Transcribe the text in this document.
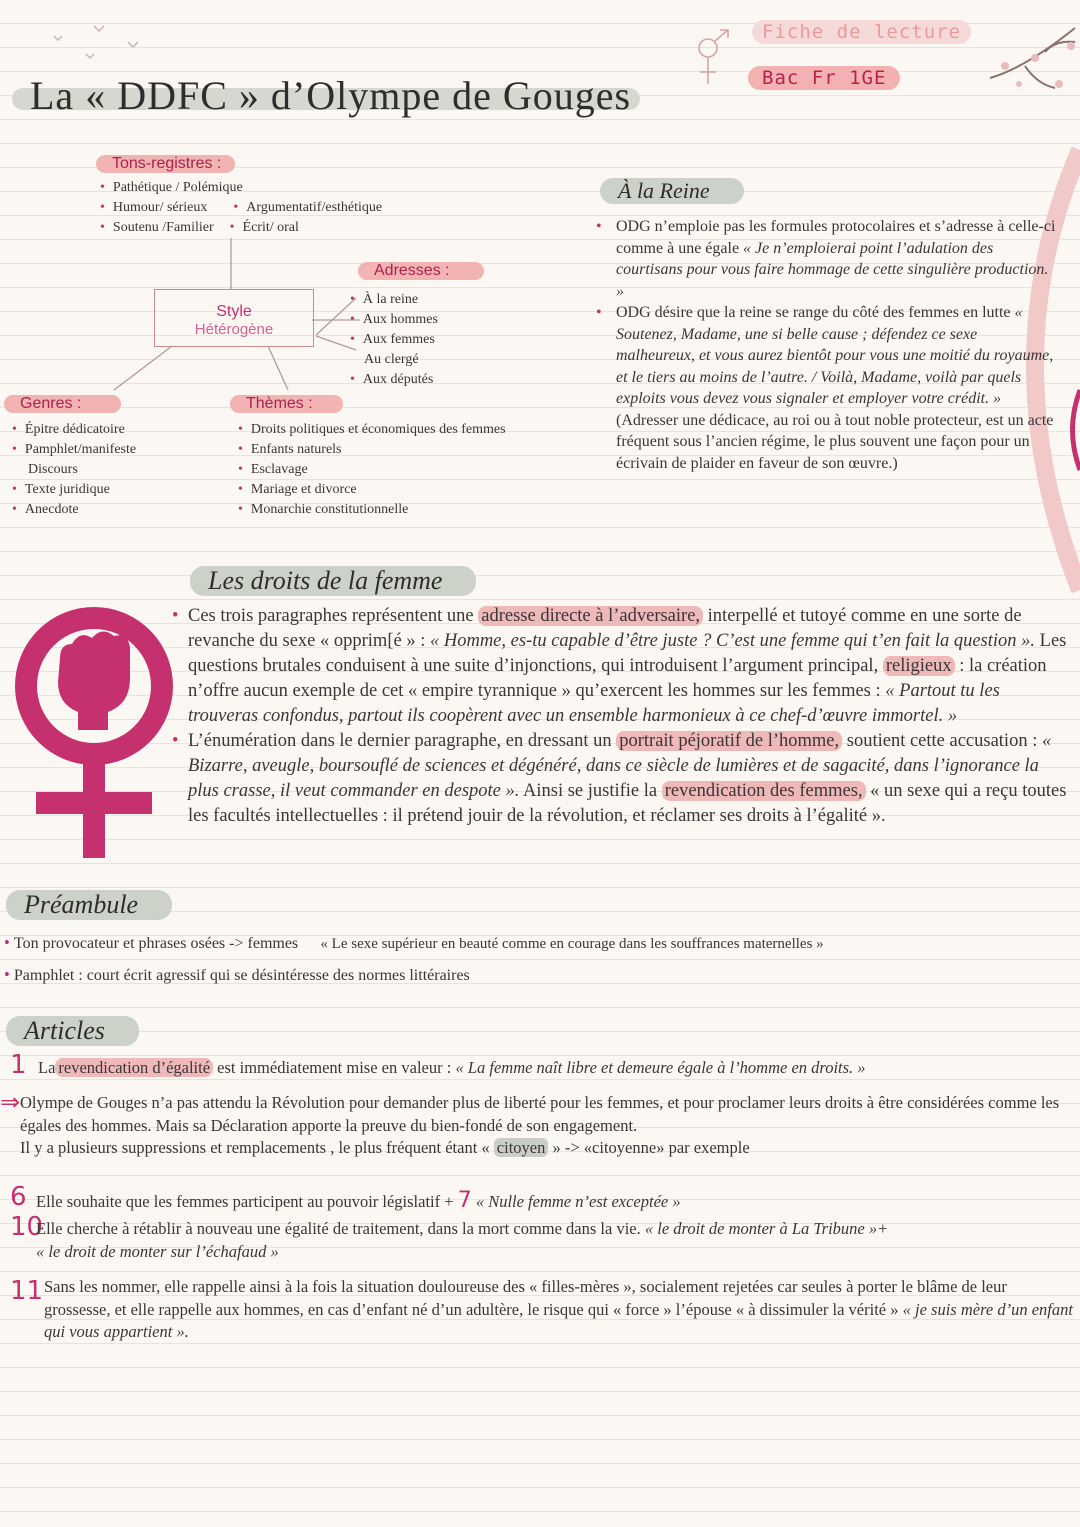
La « DDFC » d’Olympe de Gouges
Fiche de lecture
Bac Fr 1GE
Tons-registres :
• Pathétique / Polémique
• Humour/ sérieux	• Argumentatif/esthétique
• Soutenu /Familier • Écrit/ oral
Style
Hétérogène
Adresses :
• À la reine
• Aux hommes
• Aux femmes
Au clergé
• Aux députés
Genres :
• Épitre dédicatoire
• Pamphlet/manifeste
Discours
• Texte juridique
• Anecdote
Thèmes :
• Droits politiques et économiques des femmes
• Enfants naturels
• Esclavage
• Mariage et divorce
• Monarchie constitutionnelle
À la Reine
• ODG n’emploie pas les formules protocolaires et s’adresse à celle-ci comme à une égale « Je n’emploierai point l’adulation des courtisans pour vous faire hommage de cette singulière production. »
• ODG désire que la reine se range du côté des femmes en lutte « Soutenez, Madame, une si belle cause ; défendez ce sexe malheureux, et vous aurez bientôt pour vous une moitié du royaume, et le tiers au moins de l’autre. / Voilà, Madame, voilà par quels exploits vous devez vous signaler et employer votre crédit. » (Adresser une dédicace, au roi ou à tout noble protecteur, est un acte fréquent sous l’ancien régime, le plus souvent une façon pour un écrivain de plaider en faveur de son œuvre.)
Les droits de la femme
• Ces trois paragraphes représentent une adresse directe à l’adversaire, interpellé et tutoyé comme en une sorte de revanche du sexe « opprim[é » : « Homme, es-tu capable d’être juste ? C’est une femme qui t’en fait la question ». Les questions brutales conduisent à une suite d’injonctions, qui introduisent l’argument principal, religieux : la création n’offre aucun exemple de cet « empire tyrannique » qu’exercent les hommes sur les femmes : « Partout tu les trouveras confondus, partout ils coopèrent avec un ensemble harmonieux à ce chef-d’œuvre immortel. »
• L’énumération dans le dernier paragraphe, en dressant un portrait péjoratif de l’homme, soutient cette accusation : « Bizarre, aveugle, boursouflé de sciences et dégénéré, dans ce siècle de lumières et de sagacité, dans l’ignorance la plus crasse, il veut commander en despote ». Ainsi se justifie la revendication des femmes, « un sexe qui a reçu toutes les facultés intellectuelles : il prétend jouir de la révolution, et réclamer ses droits à l’égalité ».
Préambule
• Ton provocateur et phrases osées -> femmes « Le sexe supérieur en beauté comme en courage dans les souffrances maternelles »
• Pamphlet : court écrit agressif qui se désintéresse des normes littéraires
Articles
1 La revendication d’égalité est immédiatement mise en valeur : « La femme naît libre et demeure égale à l’homme en droits. »
⇒ Olympe de Gouges n’a pas attendu la Révolution pour demander plus de liberté pour les femmes, et pour proclamer leurs droits à être considérées comme les égales des hommes. Mais sa Déclaration apporte la preuve du bien-fondé de son engagement.
Il y a plusieurs suppressions et remplacements , le plus fréquent étant « citoyen » -> «citoyenne» par exemple
6 Elle souhaite que les femmes participent au pouvoir législatif + 7 « Nulle femme n’est exceptée »
10
Elle cherche à rétablir à nouveau une égalité de traitement, dans la mort comme dans la vie. « le droit de monter à La Tribune »+
« le droit de monter sur l’échafaud »
11 Sans les nommer, elle rappelle ainsi à la fois la situation douloureuse des « filles-mères », socialement rejetées car seules à porter le blâme de leur grossesse, et elle rappelle aux hommes, en cas d’enfant né d’un adultère, le risque qui « force » l’épouse « à dissimuler la vérité » « je suis mère d’un enfant qui vous appartient ».
